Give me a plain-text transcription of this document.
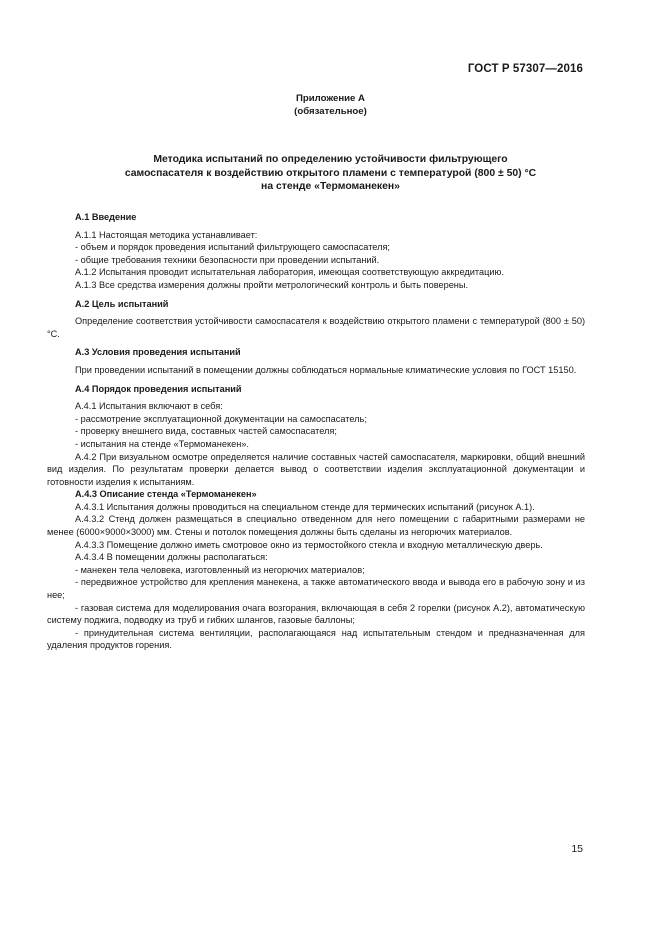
ГОСТ Р 57307—2016
Приложение А
(обязательное)
Методика испытаний по определению устойчивости фильтрующего
самоспасателя к воздействию открытого пламени с температурой (800 ± 50) °С
на стенде «Термоманекен»
А.1 Введение
А.1.1 Настоящая методика устанавливает:
- объем и порядок проведения испытаний фильтрующего самоспасателя;
- общие требования техники безопасности при проведении испытаний.
А.1.2 Испытания проводит испытательная лаборатория, имеющая соответствующую аккредитацию.
А.1.3 Все средства измерения должны пройти метрологический контроль и быть поверены.
А.2 Цель испытаний
Определение соответствия устойчивости самоспасателя к воздействию открытого пламени с температурой (800 ± 50) °С.
А.3 Условия проведения испытаний
При проведении испытаний в помещении должны соблюдаться нормальные климатические условия по ГОСТ 15150.
А.4 Порядок проведения испытаний
А.4.1 Испытания включают в себя:
- рассмотрение эксплуатационной документации на самоспасатель;
- проверку внешнего вида, составных частей самоспасателя;
- испытания на стенде «Термоманекен».
А.4.2 При визуальном осмотре определяется наличие составных частей самоспасателя, маркировки, общий внешний вид изделия. По результатам проверки делается вывод о соответствии изделия эксплуатационной документации и готовности изделия к испытаниям.
А.4.3 Описание стенда «Термоманекен»
А.4.3.1 Испытания должны проводиться на специальном стенде для термических испытаний (рисунок А.1).
А.4.3.2 Стенд должен размещаться в специально отведенном для него помещении с габаритными размерами не менее (6000×9000×3000) мм. Стены и потолок помещения должны быть сделаны из негорючих материалов.
А.4.3.3 Помещение должно иметь смотровое окно из термостойкого стекла и входную металлическую дверь.
А.4.3.4 В помещении должны располагаться:
- манекен тела человека, изготовленный из негорючих материалов;
- передвижное устройство для крепления манекена, а также автоматического ввода и вывода его в рабочую зону и из нее;
- газовая система для моделирования очага возгорания, включающая в себя 2 горелки (рисунок А.2), автоматическую систему поджига, подводку из труб и гибких шлангов, газовые баллоны;
- принудительная система вентиляции, располагающаяся над испытательным стендом и предназначенная для удаления продуктов горения.
15
